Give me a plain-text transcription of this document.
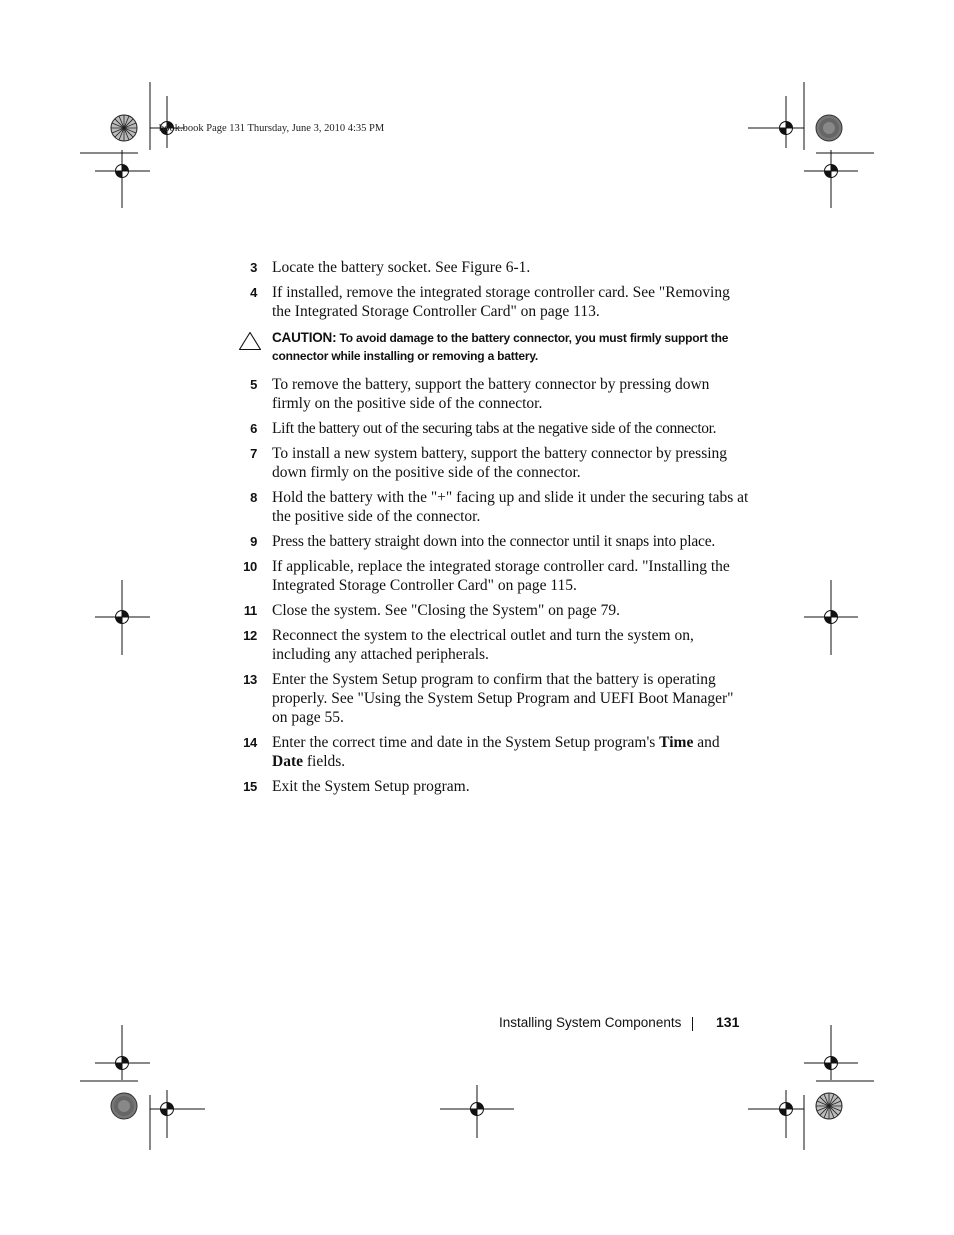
book.book Page 131 Thursday, June 3, 2010 4:35 PM
3 Locate the battery socket. See Figure 6-1.
4 If installed, remove the integrated storage controller card. See "Removing the Integrated Storage Controller Card" on page 113.
CAUTION: To avoid damage to the battery connector, you must firmly support the connector while installing or removing a battery.
5 To remove the battery, support the battery connector by pressing down firmly on the positive side of the connector.
6 Lift the battery out of the securing tabs at the negative side of the connector.
7 To install a new system battery, support the battery connector by pressing down firmly on the positive side of the connector.
8 Hold the battery with the "+" facing up and slide it under the securing tabs at the positive side of the connector.
9 Press the battery straight down into the connector until it snaps into place.
10 If applicable, replace the integrated storage controller card. "Installing the Integrated Storage Controller Card" on page 115.
11 Close the system. See "Closing the System" on page 79.
12 Reconnect the system to the electrical outlet and turn the system on, including any attached peripherals.
13 Enter the System Setup program to confirm that the battery is operating properly. See "Using the System Setup Program and UEFI Boot Manager" on page 55.
14 Enter the correct time and date in the System Setup program's Time and Date fields.
15 Exit the System Setup program.
Installing System Components 131
